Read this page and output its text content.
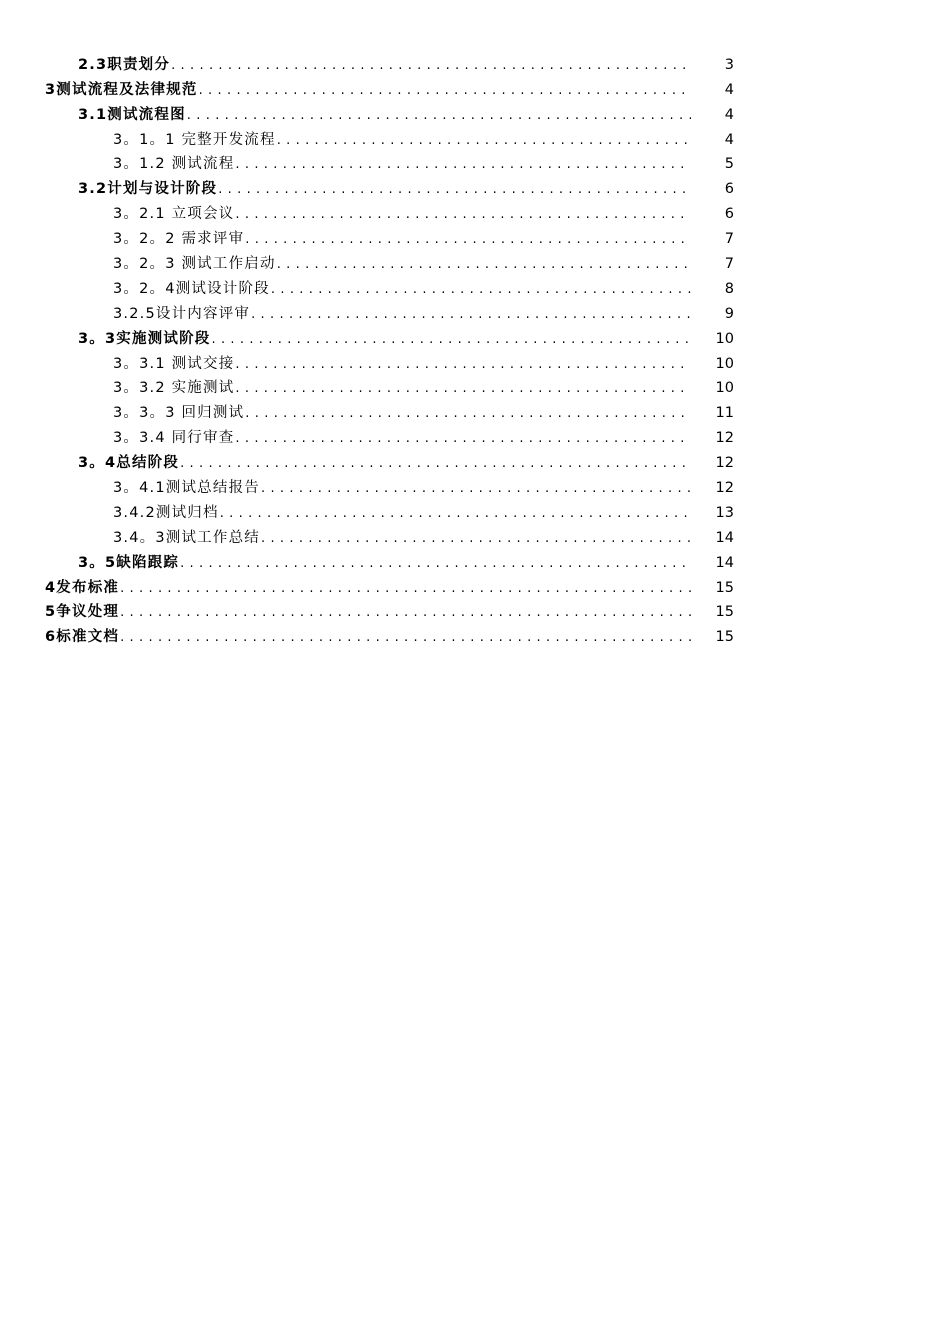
2.3职责划分 . . .	3
3测试流程及法律规范 . . .	4
3.1测试流程图 . . .	4
3。1。1 完整开发流程 . . .	4
3。1.2 测试流程 . . .	5
3.2计划与设计阶段 . . .	6
3。2.1 立项会议 . . .	6
3。2。2 需求评审 . . .	7
3。2。3 测试工作启动 . . .	7
3。2。4测试设计阶段 . . .	8
3.2.5设计内容评审 . . .	9
3。3实施测试阶段 . . .	10
3。3.1 测试交接 . . .	10
3。3.2 实施测试 . . .	10
3。3。3 回归测试 . . .	11
3。3.4 同行审查 . . .	12
3。4总结阶段 . . .	12
3。4.1测试总结报告 . . .	12
3.4.2测试归档 . . .	13
3.4。3测试工作总结 . . .	14
3。5缺陷跟踪 . . .	14
4发布标准 . . .	15
5争议处理 . . .	15
6标准文档 . . .	15
